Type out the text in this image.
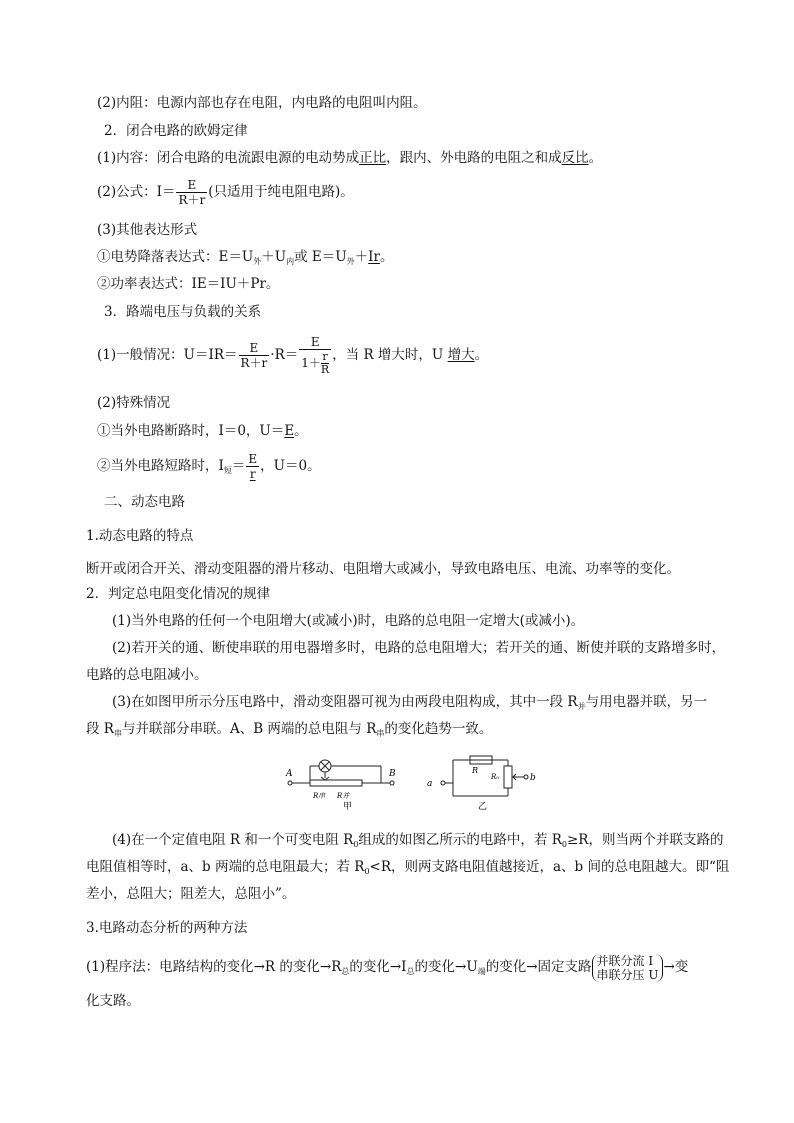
(2)内阻：电源内部也存在电阻，内电路的电阻叫内阻。
2．闭合电路的欧姆定律
(1)内容：闭合电路的电流跟电源的电动势成正比，跟内、外电路的电阻之和成反比。
(2)公式：$I= \frac{E}{R+r}$ (只适用于纯电阻电路)。
(3)其他表达形式
①电势降落表达式：$E=U_外+U_内$或 $E=U_外+Ir$。
②功率表达式：IE＝IU＋Pr。
3．路端电压与负载的关系
(1)一般情况：$U=IR= \frac{E}{R+r} \cdot R= \frac{E}{1+ \frac{r}{R}}$ ，当 R 增大时，U 增大。
(2)特殊情况
①当外电路断路时，I＝0，U＝E。
②当外电路短路时，$I_短= \frac{E}{r}$ ，U＝0。
二、动态电路
1.动态电路的特点
断开或闭合开关、滑动变阻器的滑片移动、电阻增大或减小，导致电路电压、电流、功率等的变化。
2．判定总电阻变化情况的规律
(1)当外电路的任何一个电阻增大(或减小)时，电路的总电阻一定增大(或减小)。
(2)若开关的通、断使串联的用电器增多时，电路的总电阻增大；若开关的通、断使并联的支路增多时，
电路的总电阻减小。
(3)在如图甲所示分压电路中，滑动变阻器可视为由两段电阻构成，其中一段 $R_并$与用电器并联，另一
段 $R_串$与并联部分串联。A、B 两端的总电阻与 $R_串$的变化趋势一致。
A	B
R串 R并
甲
a
b
R
R₀
乙
(4)在一个定值电阻 R 和一个可变电阻 $R_0$组成的如图乙所示的电路中，若 $R_0\ge R$，则当两个并联支路的
电阻值相等时，a、b 两端的总电阻最大；若 $R_0<R$，则两支路电阻值越接近，a、b 间的总电阻越大。即“阻
差小，总阻大；阻差大，总阻小”。
3.电路动态分析的两种方法
(1)程序法：电路结构的变化→R 的变化$\to R_总$的变化$\to I_总$的变化$\to U_端$的变化→固定支路 并联分流 I
串联分压 U →变
化支路。
